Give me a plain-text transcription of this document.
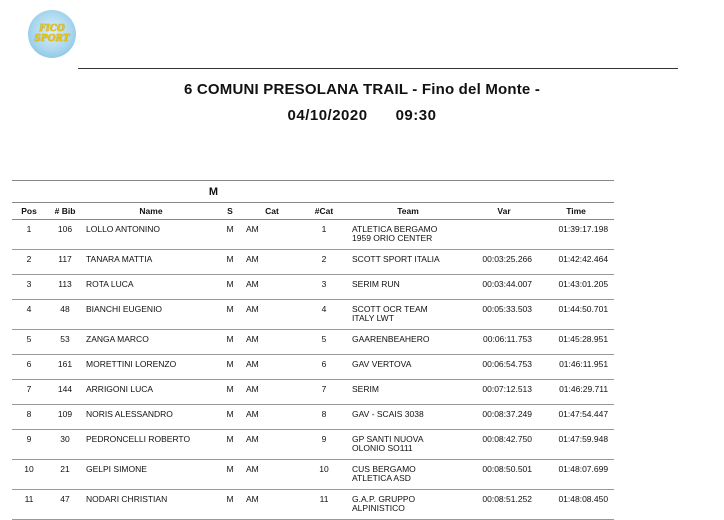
FICO
SPORT
6 COMUNI PRESOLANA TRAIL - Fino del Monte -
04/10/2020 09:30
M								
Pos	# Bib	Name	S	Cat	#Cat	Team	Var	Time
1	106	LOLLO ANTONINO	M	AM	1	ATLETICA BERGAMO
1959 ORIO CENTER		01:39:17.198
2	117	TANARA MATTIA	M	AM	2	SCOTT SPORT ITALIA	00:03:25.266	01:42:42.464
3	113	ROTA LUCA	M	AM	3	SERIM RUN	00:03:44.007	01:43:01.205
4	48	BIANCHI EUGENIO	M	AM	4	SCOTT OCR TEAM
ITALY LWT	00:05:33.503	01:44:50.701
5	53	ZANGA MARCO	M	AM	5	GAARENBEAHERO	00:06:11.753	01:45:28.951
6	161	MORETTINI LORENZO	M	AM	6	GAV VERTOVA	00:06:54.753	01:46:11.951
7	144	ARRIGONI LUCA	M	AM	7	SERIM	00:07:12.513	01:46:29.711
8	109	NORIS ALESSANDRO	M	AM	8	GAV - SCAIS 3038	00:08:37.249	01:47:54.447
9	30	PEDRONCELLI ROBERTO	M	AM	9	GP SANTI NUOVA
OLONIO SO111	00:08:42.750	01:47:59.948
10	21	GELPI SIMONE	M	AM	10	CUS BERGAMO
ATLETICA ASD	00:08:50.501	01:48:07.699
11	47	NODARI CHRISTIAN	M	AM	11	G.A.P. GRUPPO
ALPINISTICO	00:08:51.252	01:48:08.450
